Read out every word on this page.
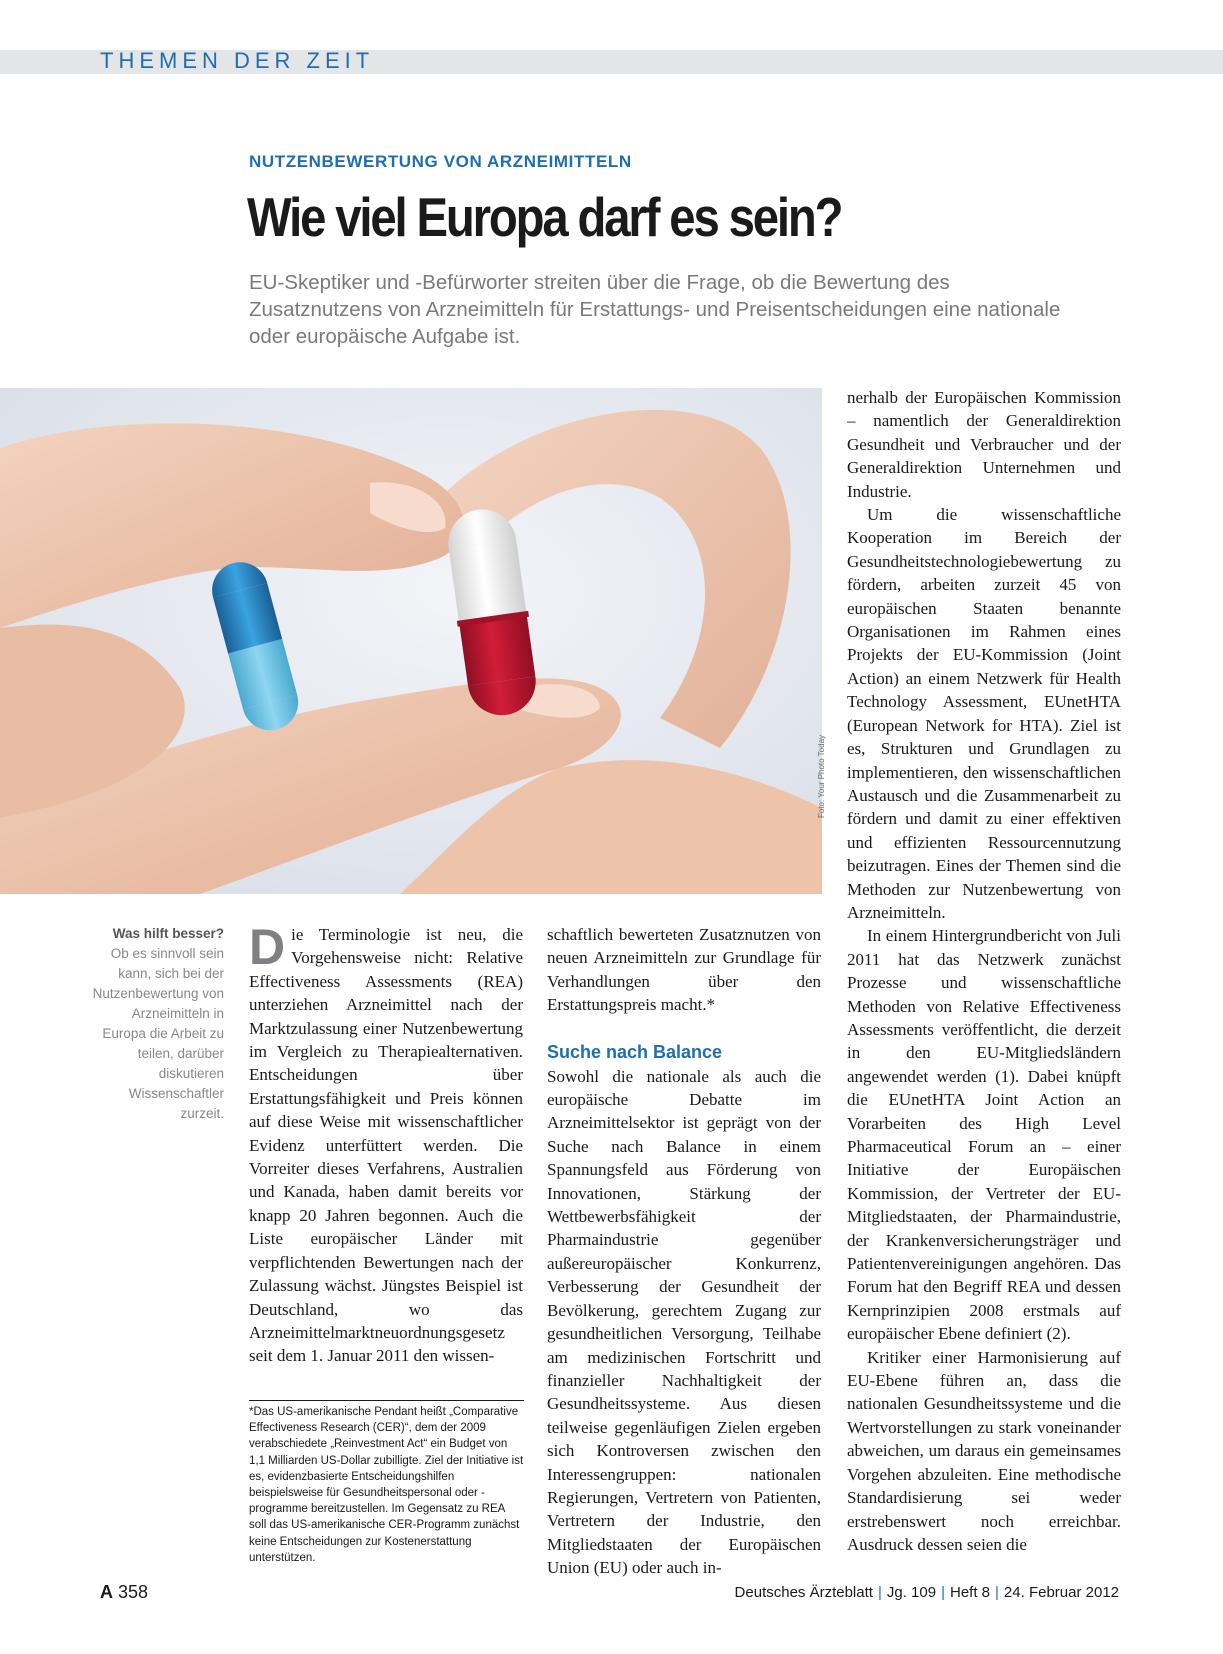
THEMEN DER ZEIT
NUTZENBEWERTUNG VON ARZNEIMITTELN
Wie viel Europa darf es sein?
EU-Skeptiker und -Befürworter streiten über die Frage, ob die Bewertung des Zusatznutzens von Arzneimitteln für Erstattungs- und Preisentscheidungen eine nationale oder europäische Aufgabe ist.
Foto: Your Photo Today
Was hilft besser?
Ob es sinnvoll sein kann, sich bei der Nutzenbewertung von Arzneimitteln in Europa die Arbeit zu teilen, darüber diskutieren Wissenschaftler zurzeit.

Die Terminologie ist neu, die Vorgehensweise nicht: Relative Effectiveness Assessments (REA) unterziehen Arzneimittel nach der Marktzulassung einer Nutzenbewertung im Vergleich zu Therapiealternativen. Entscheidungen über Erstattungsfähigkeit und Preis können auf diese Weise mit wissenschaftlicher Evidenz unterfüttert werden. Die Vorreiter dieses Verfahrens, Australien und Kanada, haben damit bereits vor knapp 20 Jahren begonnen. Auch die Liste europäischer Länder mit verpflichtenden Bewertungen nach der Zulassung wächst. Jüngstes Beispiel ist Deutschland, wo das Arzneimittelmarktneuordnungsgesetz seit dem 1. Januar 2011 den wissen-

*Das US-amerikanische Pendant heißt „Comparative Effectiveness Research (CER)“, dem der 2009 verabschiedete „Reinvestment Act“ ein Budget von 1,1 Milliarden US-Dollar zubilligte. Ziel der Initiative ist es, evidenzbasierte Entscheidungshilfen beispielsweise für Gesundheitspersonal oder -programme bereitzustellen. Im Gegensatz zu REA soll das US-amerikanische CER-Programm zunächst keine Entscheidungen zur Kostenerstattung unterstützen.

schaftlich bewerteten Zusatznutzen von neuen Arzneimitteln zur Grundlage für Verhandlungen über den Erstattungspreis macht.*

Suche nach Balance

Sowohl die nationale als auch die europäische Debatte im Arzneimittelsektor ist geprägt von der Suche nach Balance in einem Spannungsfeld aus Förderung von Innovationen, Stärkung der Wettbewerbsfähigkeit der Pharmaindustrie gegenüber außereuropäischer Konkurrenz, Verbesserung der Gesundheit der Bevölkerung, gerechtem Zugang zur gesundheitlichen Versorgung, Teilhabe am medizinischen Fortschritt und finanzieller Nachhaltigkeit der Gesundheitssysteme. Aus diesen teilweise gegenläufigen Zielen ergeben sich Kontroversen zwischen den Interessengruppen: nationalen Regierungen, Vertretern von Patienten, Vertretern der Industrie, den Mitgliedstaaten der Europäischen Union (EU) oder auch in-

nerhalb der Europäischen Kommission – namentlich der Generaldirektion Gesundheit und Verbraucher und der Generaldirektion Unternehmen und Industrie.

Um die wissenschaftliche Kooperation im Bereich der Gesundheitstechnologiebewertung zu fördern, arbeiten zurzeit 45 von europäischen Staaten benannte Organisationen im Rahmen eines Projekts der EU-Kommission (Joint Action) an einem Netzwerk für Health Technology Assessment, EUnetHTA (European Network for HTA). Ziel ist es, Strukturen und Grundlagen zu implementieren, den wissenschaftlichen Austausch und die Zusammenarbeit zu fördern und damit zu einer effektiven und effizienten Ressourcennutzung beizutragen. Eines der Themen sind die Methoden zur Nutzenbewertung von Arzneimitteln.

In einem Hintergrundbericht von Juli 2011 hat das Netzwerk zunächst Prozesse und wissenschaftliche Methoden von Relative Effectiveness Assessments veröffentlicht, die derzeit in den EU-Mitgliedsländern angewendet werden (1). Dabei knüpft die EUnetHTA Joint Action an Vorarbeiten des High Level Pharmaceutical Forum an – einer Initiative der Europäischen Kommission, der Vertreter der EU-Mitgliedstaaten, der Pharmaindustrie, der Krankenversicherungsträger und Patientenvereinigungen angehören. Das Forum hat den Begriff REA und dessen Kernprinzipien 2008 erstmals auf europäischer Ebene definiert (2).

Kritiker einer Harmonisierung auf EU-Ebene führen an, dass die nationalen Gesundheitssysteme und die Wertvorstellungen zu stark voneinander abweichen, um daraus ein gemeinsames Vorgehen abzuleiten. Eine methodische Standardisierung sei weder erstrebenswert noch erreichbar. Ausdruck dessen seien die

A 358	Deutsches Ärzteblatt | Jg. 109 | Heft 8 | 24. Februar 2012
